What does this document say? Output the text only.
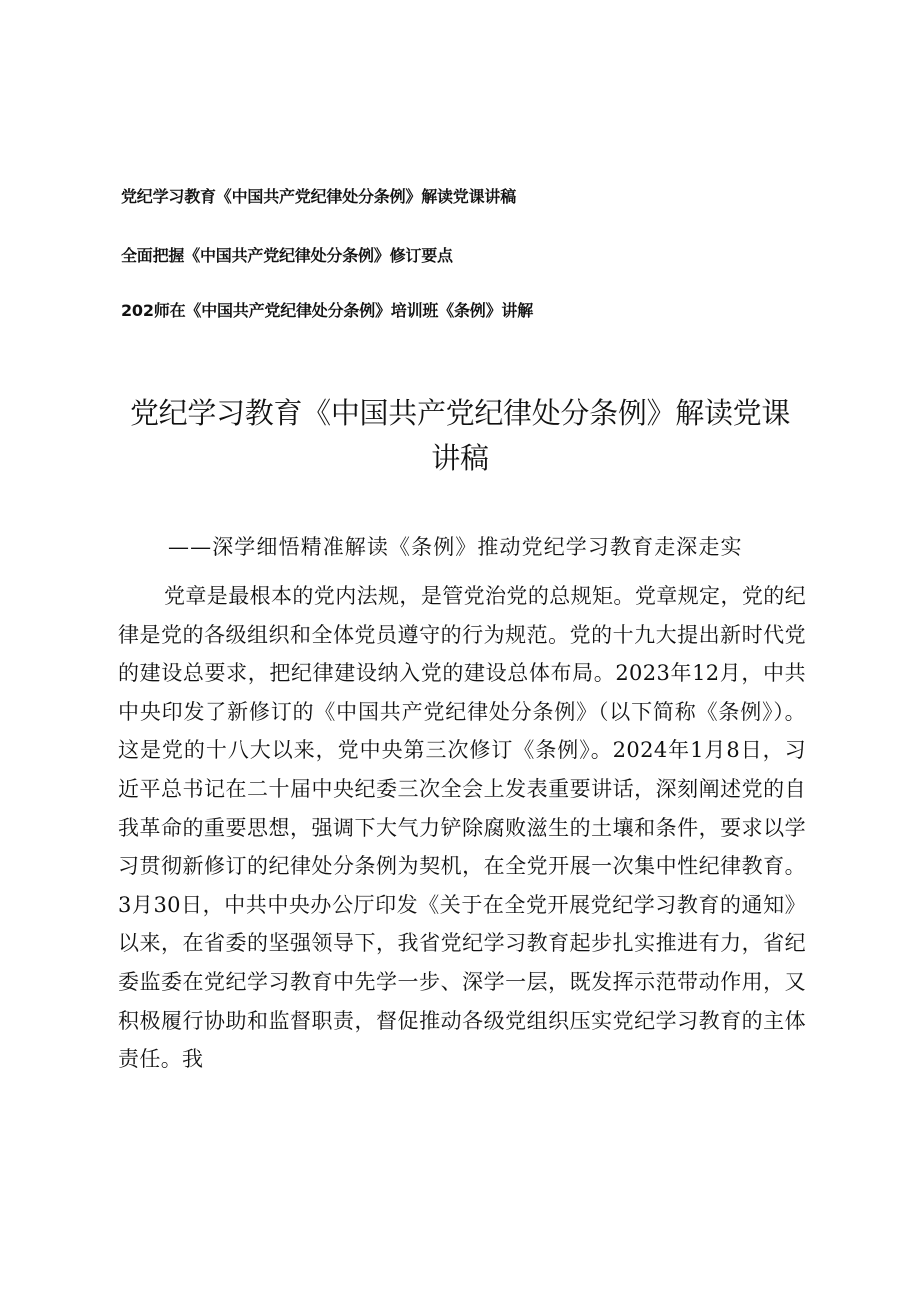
党纪学习教育《中国共产党纪律处分条例》解读党课讲稿
全面把握《中国共产党纪律处分条例》修订要点
202师在《中国共产党纪律处分条例》培训班《条例》讲解
党纪学习教育《中国共产党纪律处分条例》解读党课讲稿
——深学细悟精准解读《条例》推动党纪学习教育走深走实

党章是最根本的党内法规，是管党治党的总规矩。党章规定，党的纪律是党的各级组织和全体党员遵守的行为规范。党的十九大提出新时代党的建设总要求，把纪律建设纳入党的建设总体布局。2023年12月，中共中央印发了新修订的《中国共产党纪律处分条例》（以下简称《条例》）。这是党的十八大以来，党中央第三次修订《条例》。2024年1月8日，习近平总书记在二十届中央纪委三次全会上发表重要讲话，深刻阐述党的自我革命的重要思想，强调下大气力铲除腐败滋生的土壤和条件，要求以学习贯彻新修订的纪律处分条例为契机，在全党开展一次集中性纪律教育。3月30日，中共中央办公厅印发《关于在全党开展党纪学习教育的通知》以来，在省委的坚强领导下，我省党纪学习教育起步扎实推进有力，省纪委监委在党纪学习教育中先学一步、深学一层，既发挥示范带动作用，又积极履行协助和监督职责，督促推动各级党组织压实党纪学习教育的主体责任。我
